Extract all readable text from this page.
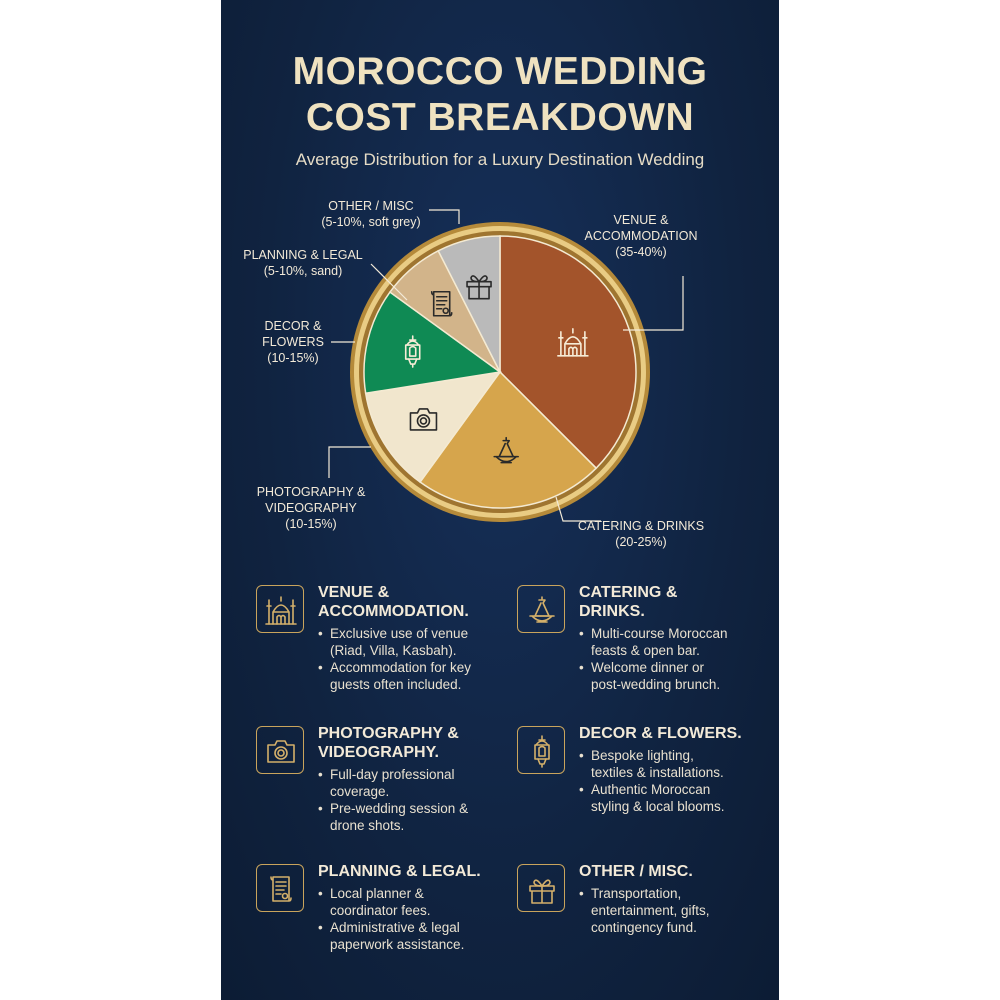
MOROCCO WEDDING
COST BREAKDOWN
Average Distribution for a Luxury Destination Wedding
VENUE & ACCOMMODATION (35-40%)
CATERING & DRINKS (20-25%)
PHOTOGRAPHY & VIDEOGRAPHY (10-15%)
DECOR & FLOWERS (10-15%)
PLANNING & LEGAL (5-10%, sand)
OTHER / MISC (5-10%, soft grey)
VENUE &
ACCOMMODATION.
• Exclusive use of venue
(Riad, Villa, Kasbah).
• Accommodation for key
guests often included.
CATERING &
DRINKS.
• Multi-course Moroccan
feasts & open bar.
• Welcome dinner or
post-wedding brunch.
PHOTOGRAPHY &
VIDEOGRAPHY.
• Full-day professional
coverage.
• Pre-wedding session &
drone shots.
DECOR & FLOWERS.
• Bespoke lighting,
textiles & installations.
• Authentic Moroccan
styling & local blooms.
PLANNING & LEGAL.
• Local planner &
coordinator fees.
• Administrative & legal
paperwork assistance.
OTHER / MISC.
• Transportation,
entertainment, gifts,
contingency fund.
